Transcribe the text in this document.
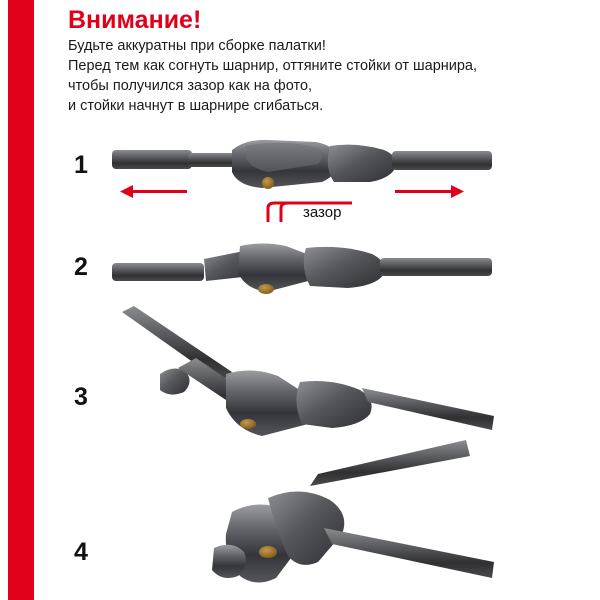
Внимание!
Будьте аккуратны при сборке палатки!
Перед тем как согнуть шарнир, оттяните стойки от шарнира,
чтобы получился зазор как на фото,
и стойки начнут в шарнире сгибаться.
1
2
3
4
зазор
